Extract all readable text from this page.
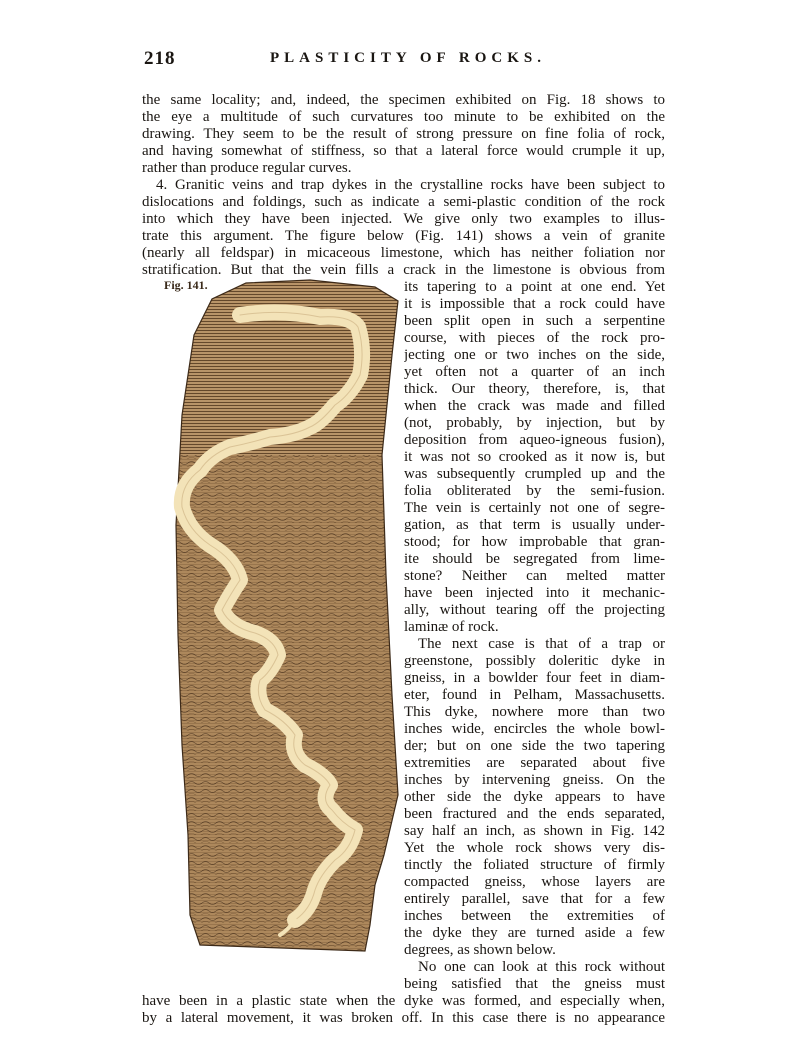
218	PLASTICITY OF ROCKS.
the same locality; and, indeed, the specimen exhibited on Fig. 18 shows to
the eye a multitude of such curvatures too minute to be exhibited on the
drawing. They seem to be the result of strong pressure on fine folia of rock,
and having somewhat of stiffness, so that a lateral force would crumple it up,
rather than produce regular curves.
4. Granitic veins and trap dykes in the crystalline rocks have been subject to
dislocations and foldings, such as indicate a semi-plastic condition of the rock
into which they have been injected. We give only two examples to illus-
trate this argument. The figure below (Fig. 141) shows a vein of granite
(nearly all feldspar) in micaceous limestone, which has neither foliation nor
stratification. But that the vein fills a crack in the limestone is obvious from
its tapering to a point at one end. Yet
it is impossible that a rock could have
been split open in such a serpentine
course, with pieces of the rock pro-
jecting one or two inches on the side,
yet often not a quarter of an inch
thick. Our theory, therefore, is, that
when the crack was made and filled
(not, probably, by injection, but by
deposition from aqueo-igneous fusion),
it was not so crooked as it now is, but
was subsequently crumpled up and the
folia obliterated by the semi-fusion.
The vein is certainly not one of segre-
gation, as that term is usually under-
stood; for how improbable that gran-
ite should be segregated from lime-
stone? Neither can melted matter
have been injected into it mechanic-
ally, without tearing off the projecting
laminæ of rock.
The next case is that of a trap or
greenstone, possibly doleritic dyke in
gneiss, in a bowlder four feet in diam-
eter, found in Pelham, Massachusetts.
This dyke, nowhere more than two
inches wide, encircles the whole bowl-
der; but on one side the two tapering
extremities are separated about five
inches by intervening gneiss. On the
other side the dyke appears to have
been fractured and the ends separated,
say half an inch, as shown in Fig. 142
Yet the whole rock shows very dis-
tinctly the foliated structure of firmly
compacted gneiss, whose layers are
entirely parallel, save that for a few
inches between the extremities of
the dyke they are turned aside a few
degrees, as shown below.
No one can look at this rock without
being satisfied that the gneiss must
have been in a plastic state when the dyke was formed, and especially when,
by a lateral movement, it was broken off. In this case there is no appearance
Fig. 141.
